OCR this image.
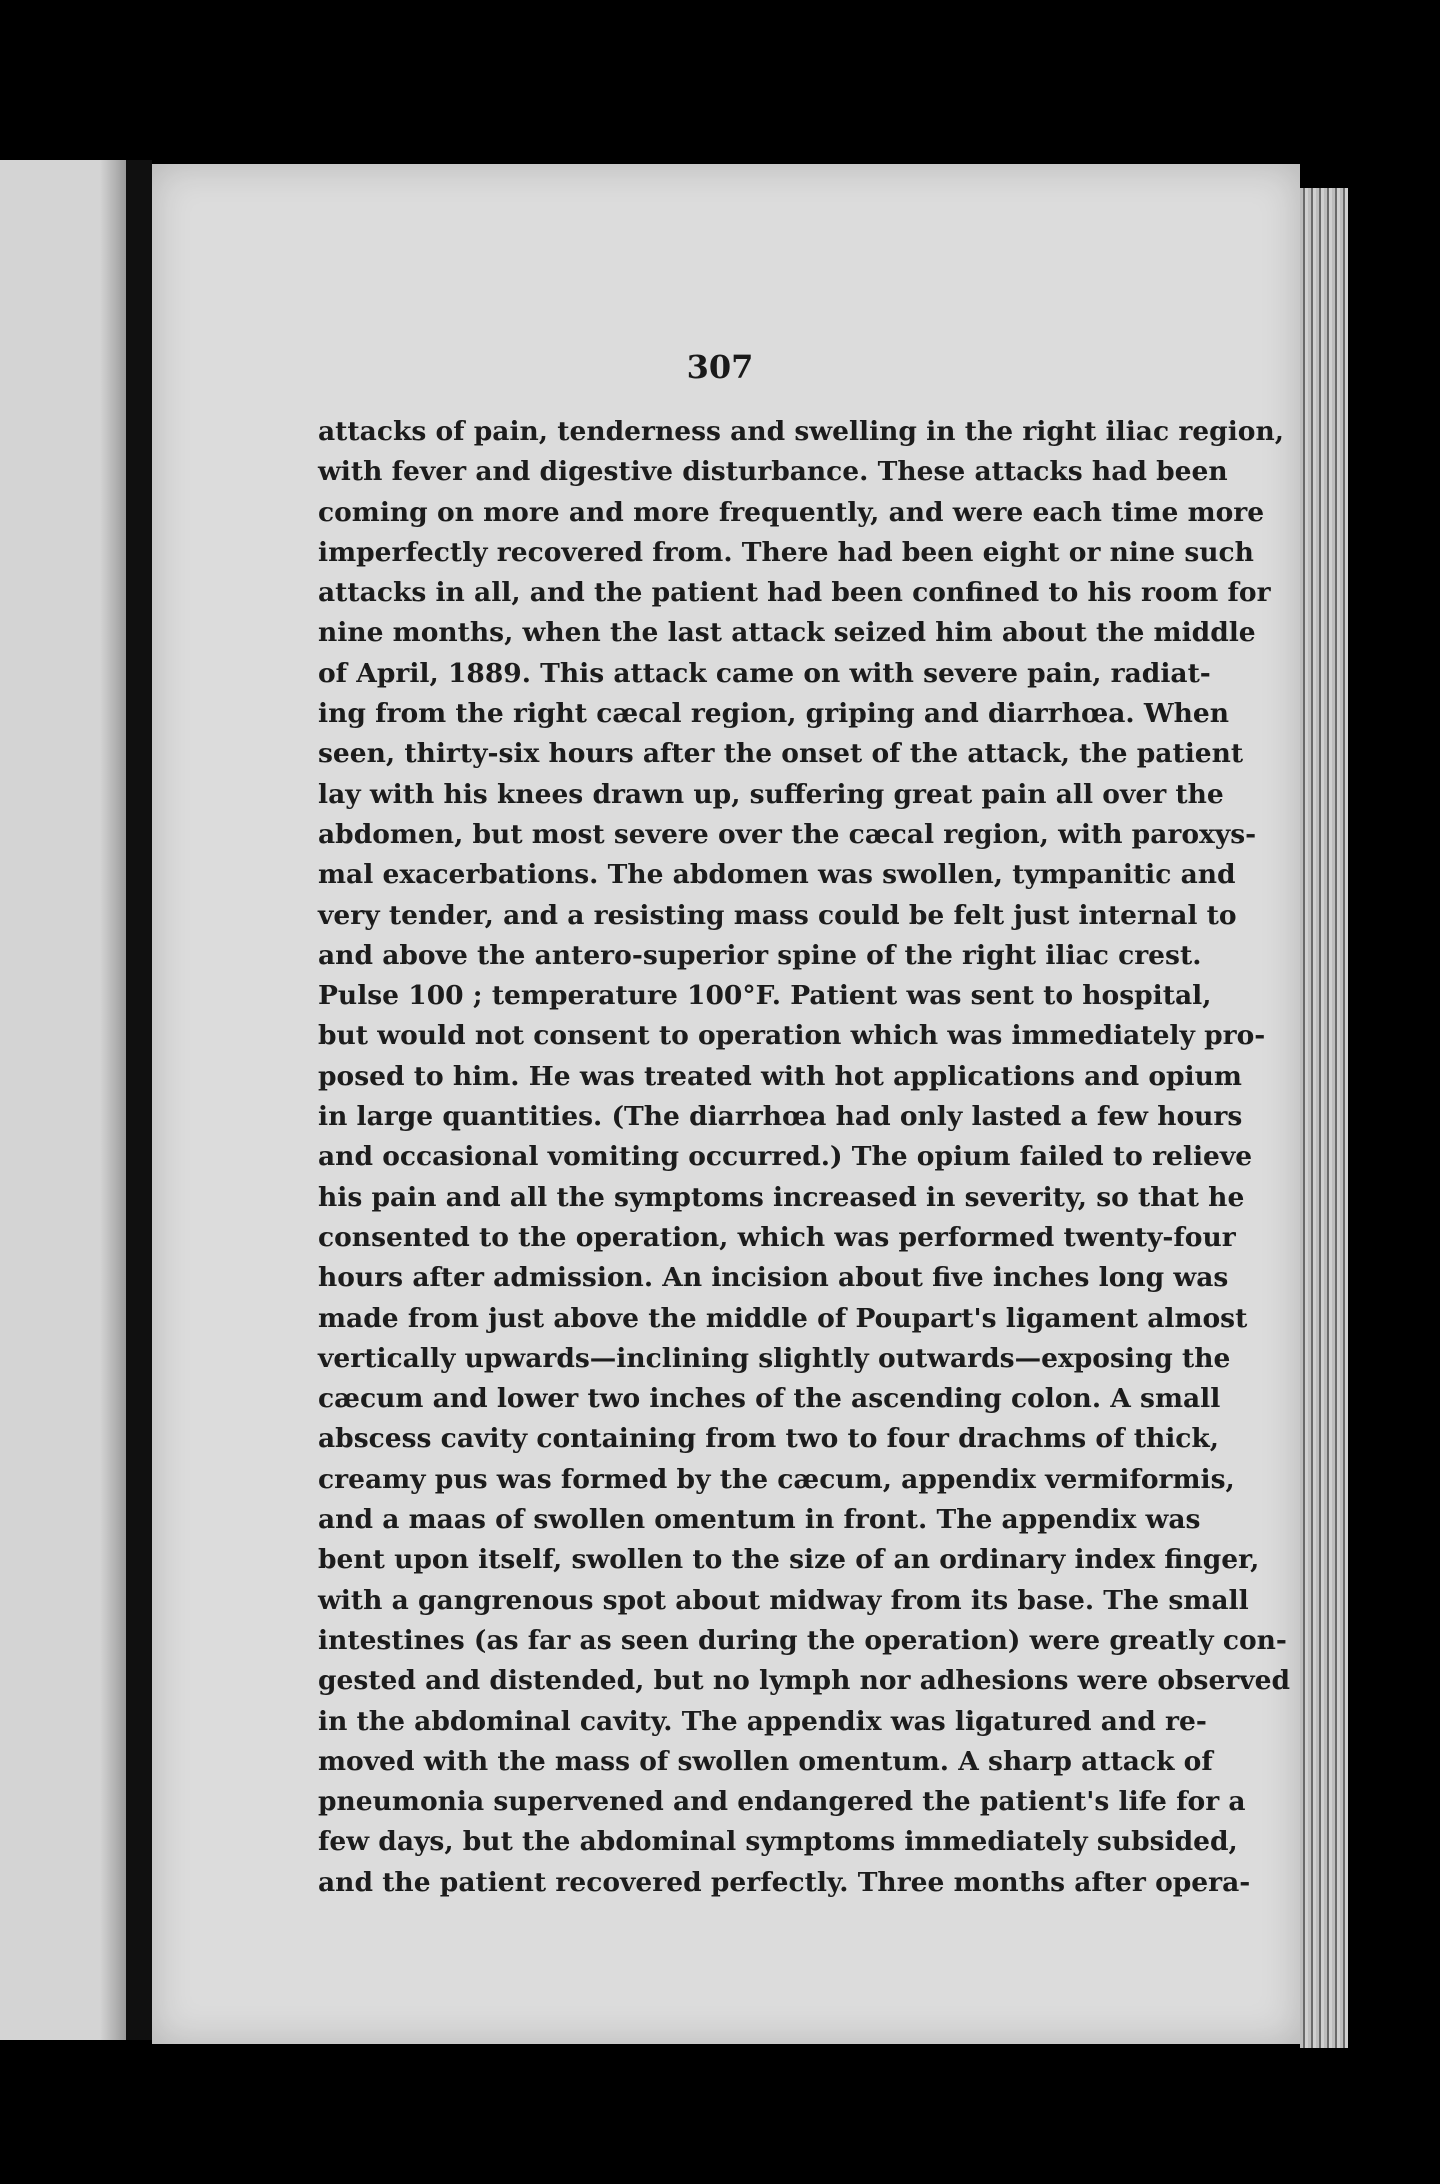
307
attacks of pain, tenderness and swelling in the right iliac region,
with fever and digestive disturbance. These attacks had been
coming on more and more frequently, and were each time more
imperfectly recovered from. There had been eight or nine such
attacks in all, and the patient had been confined to his room for
nine months, when the last attack seized him about the middle
of April, 1889. This attack came on with severe pain, radiat-
ing from the right cæcal region, griping and diarrhœa. When
seen, thirty-six hours after the onset of the attack, the patient
lay with his knees drawn up, suffering great pain all over the
abdomen, but most severe over the cæcal region, with paroxys-
mal exacerbations. The abdomen was swollen, tympanitic and
very tender, and a resisting mass could be felt just internal to
and above the antero-superior spine of the right iliac crest.
Pulse 100 ; temperature 100°F. Patient was sent to hospital,
but would not consent to operation which was immediately pro-
posed to him. He was treated with hot applications and opium
in large quantities. (The diarrhœa had only lasted a few hours
and occasional vomiting occurred.) The opium failed to relieve
his pain and all the symptoms increased in severity, so that he
consented to the operation, which was performed twenty-four
hours after admission. An incision about five inches long was
made from just above the middle of Poupart's ligament almost
vertically upwards—inclining slightly outwards—exposing the
cæcum and lower two inches of the ascending colon. A small
abscess cavity containing from two to four drachms of thick,
creamy pus was formed by the cæcum, appendix vermiformis,
and a maas of swollen omentum in front. The appendix was
bent upon itself, swollen to the size of an ordinary index finger,
with a gangrenous spot about midway from its base. The small
intestines (as far as seen during the operation) were greatly con-
gested and distended, but no lymph nor adhesions were observed
in the abdominal cavity. The appendix was ligatured and re-
moved with the mass of swollen omentum. A sharp attack of
pneumonia supervened and endangered the patient's life for a
few days, but the abdominal symptoms immediately subsided,
and the patient recovered perfectly. Three months after opera-
